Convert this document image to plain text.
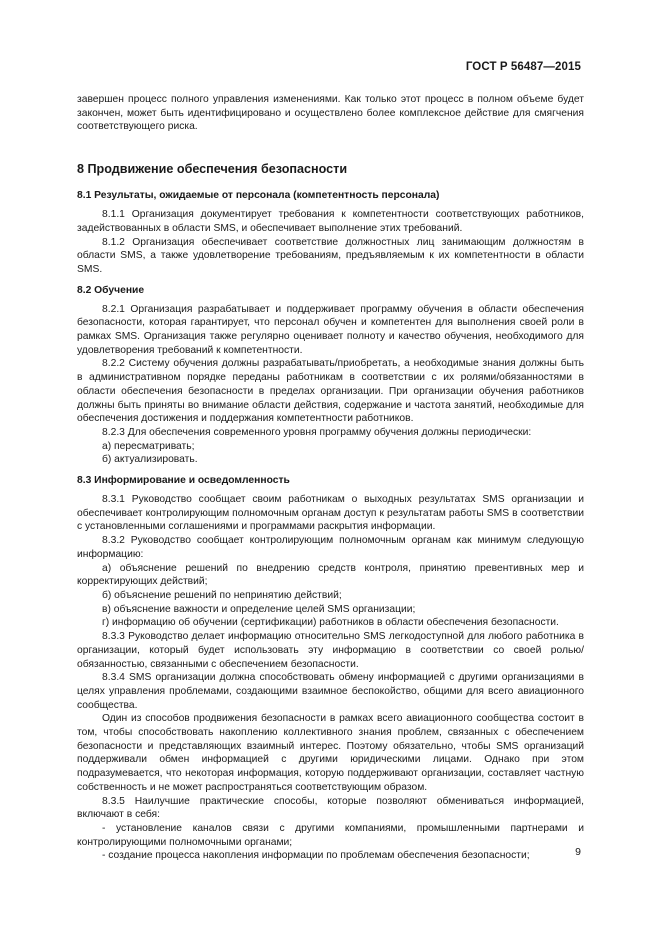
ГОСТ Р 56487—2015

завершен процесс полного управления изменениями. Как только этот процесс в полном объеме будет закончен, может быть идентифицировано и осуществлено более комплексное действие для смягчения соответствующего риска.

8 Продвижение обеспечения безопасности
8.1 Результаты, ожидаемые от персонала (компетентность персонала)

8.1.1 Организация документирует требования к компетентности соответствующих работников, задействованных в области SMS, и обеспечивает выполнение этих требований.

8.1.2 Организация обеспечивает соответствие должностных лиц занимающим должностям в области SMS, а также удовлетворение требованиям, предъявляемым к их компетентности в области SMS.

8.2 Обучение

8.2.1 Организация разрабатывает и поддерживает программу обучения в области обеспечения безопасности, которая гарантирует, что персонал обучен и компетентен для выполнения своей роли в рамках SMS. Организация также регулярно оценивает полноту и качество обучения, необходимого для удовлетворения требований к компетентности.

8.2.2 Систему обучения должны разрабатывать/приобретать, а необходимые знания должны быть в административном порядке переданы работникам в соответствии с их ролями/обязанностями в области обеспечения безопасности в пределах организации. При организации обучения работников должны быть приняты во внимание области действия, содержание и частота занятий, необходимые для обеспечения достижения и поддержания компетентности работников.

8.2.3 Для обеспечения современного уровня программу обучения должны периодически:

а) пересматривать;

б) актуализировать.

8.3 Информирование и осведомленность

8.3.1 Руководство сообщает своим работникам о выходных результатах SMS организации и обеспечивает контролирующим полномочным органам доступ к результатам работы SMS в соответствии с установленными соглашениями и программами раскрытия информации.

8.3.2 Руководство сообщает контролирующим полномочным органам как минимум следующую информацию:

а) объяснение решений по внедрению средств контроля, принятию превентивных мер и корректирующих действий;

б) объяснение решений по непринятию действий;

в) объяснение важности и определение целей SMS организации;

г) информацию об обучении (сертификации) работников в области обеспечения безопасности.

8.3.3 Руководство делает информацию относительно SMS легкодоступной для любого работника в организации, который будет использовать эту информацию в соответствии со своей ролью/обязанностью, связанными с обеспечением безопасности.

8.3.4 SMS организации должна способствовать обмену информацией с другими организациями в целях управления проблемами, создающими взаимное беспокойство, общими для всего авиационного сообщества.

Один из способов продвижения безопасности в рамках всего авиационного сообщества состоит в том, чтобы способствовать накоплению коллективного знания проблем, связанных с обеспечением безопасности и представляющих взаимный интерес. Поэтому обязательно, чтобы SMS организаций поддерживали обмен информацией с другими юридическими лицами. Однако при этом подразумевается, что некоторая информация, которую поддерживают организации, составляет частную собственность и не может распространяться соответствующим образом.

8.3.5 Наилучшие практические способы, которые позволяют обмениваться информацией, включают в себя:

- установление каналов связи с другими компаниями, промышленными партнерами и контролирующими полномочными органами;

- создание процесса накопления информации по проблемам обеспечения безопасности;	9
